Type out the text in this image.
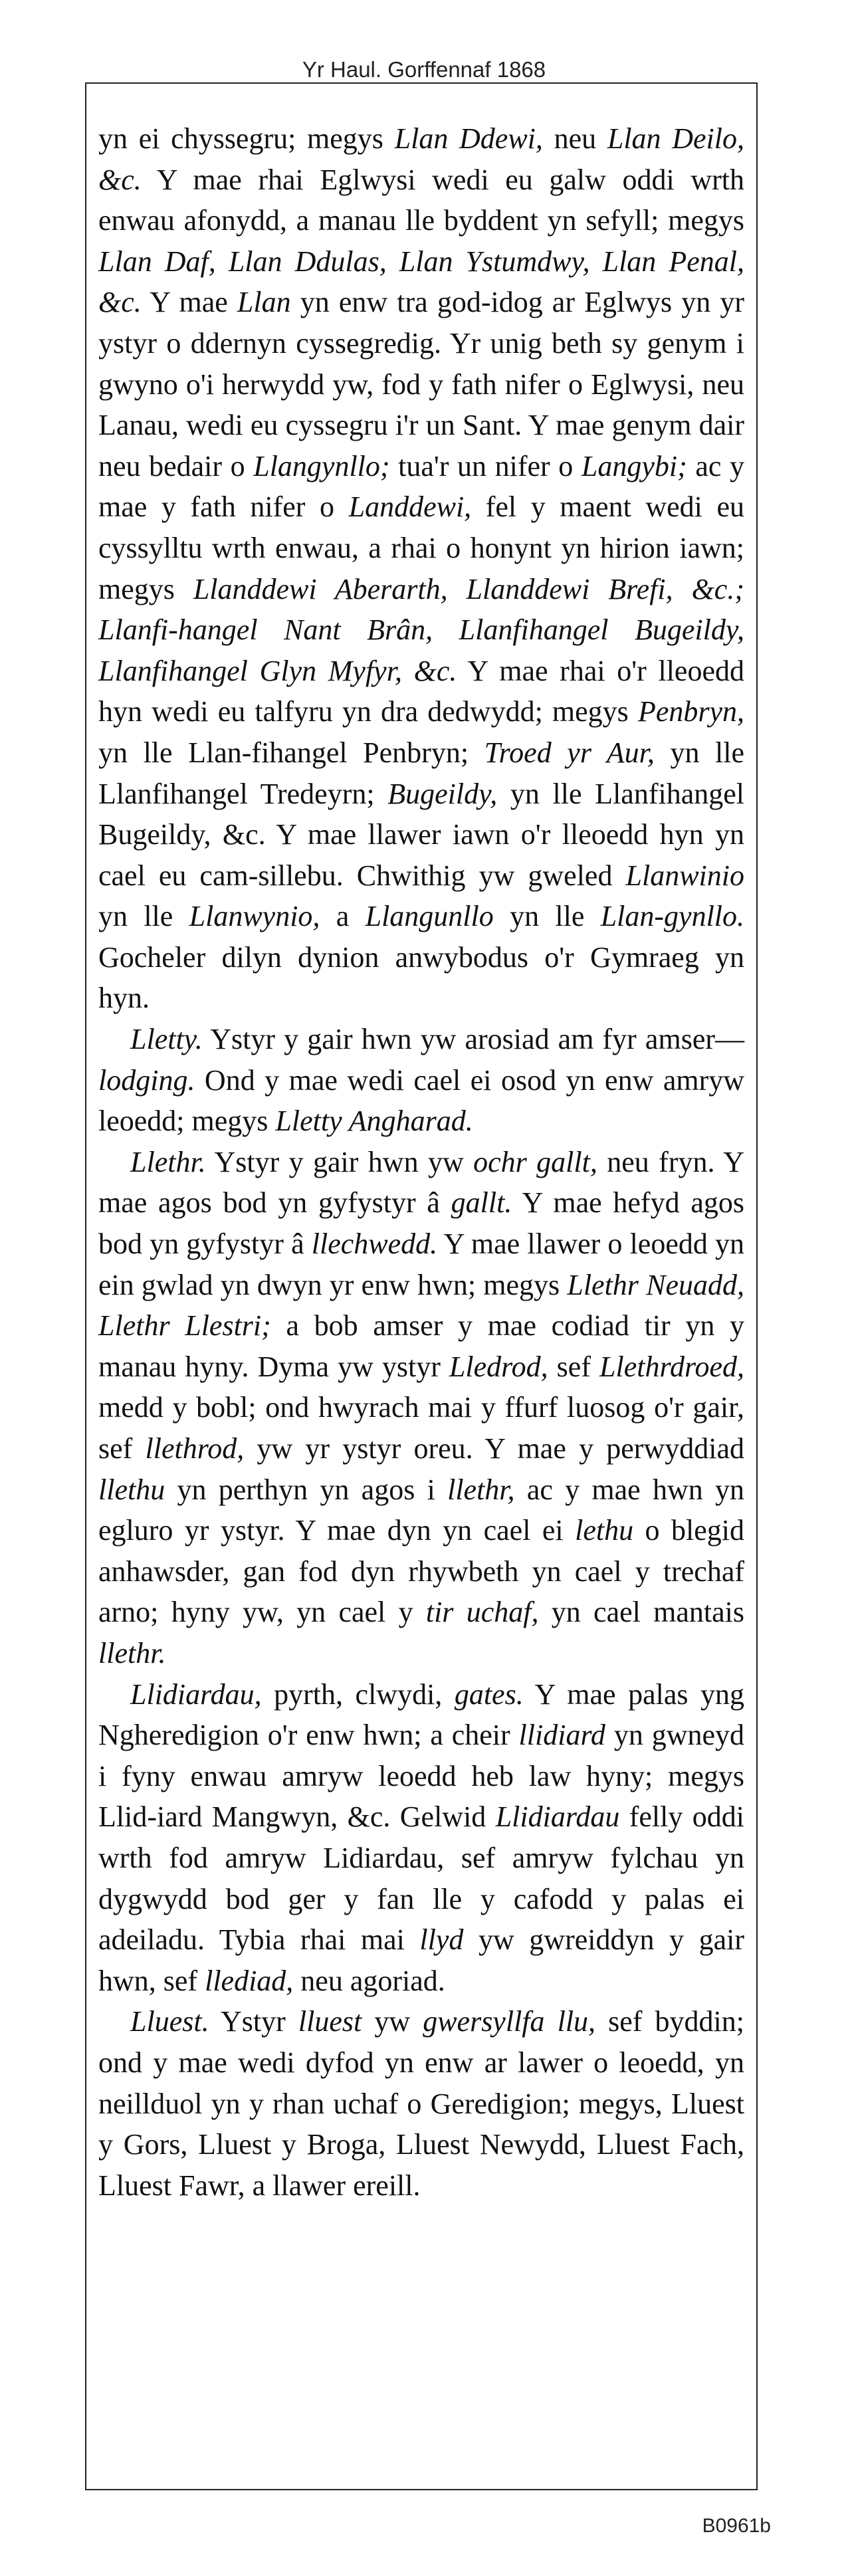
Yr Haul. Gorffennaf 1868

yn ei chyssegru; megys Llan Ddewi, neu Llan Deilo, &c. Y mae rhai Eglwysi wedi eu galw oddi wrth enwau afonydd, a manau lle byddent yn sefyll; megys Llan Daf, Llan Ddulas, Llan Ystumdwy, Llan Penal, &c. Y mae Llan yn enw tra god-idog ar Eglwys yn yr ystyr o ddernyn cyssegredig. Yr unig beth sy genym i gwyno o'i herwydd yw, fod y fath nifer o Eglwysi, neu Lanau, wedi eu cyssegru i'r un Sant. Y mae genym dair neu bedair o Llangynllo; tua'r un nifer o Langybi; ac y mae y fath nifer o Landdewi, fel y maent wedi eu cyssylltu wrth enwau, a rhai o honynt yn hirion iawn; megys Llanddewi Aberarth, Llanddewi Brefi, &c.; Llanfi-hangel Nant Brân, Llanfihangel Bugeildy, Llanfihangel Glyn Myfyr, &c. Y mae rhai o'r lleoedd hyn wedi eu talfyru yn dra dedwydd; megys Penbryn, yn lle Llan-fihangel Penbryn; Troed yr Aur, yn lle Llanfihangel Tredeyrn; Bugeildy, yn lle Llanfihangel Bugeildy, &c. Y mae llawer iawn o'r lleoedd hyn yn cael eu cam-sillebu. Chwithig yw gweled Llanwinio yn lle Llanwynio, a Llangunllo yn lle Llan-gynllo. Gocheler dilyn dynion anwybodus o'r Gymraeg yn hyn.

Lletty. Ystyr y gair hwn yw arosiad am fyr amser—lodging. Ond y mae wedi cael ei osod yn enw amryw leoedd; megys Lletty Angharad.

Llethr. Ystyr y gair hwn yw ochr gallt, neu fryn. Y mae agos bod yn gyfystyr â gallt. Y mae hefyd agos bod yn gyfystyr â llechwedd. Y mae llawer o leoedd yn ein gwlad yn dwyn yr enw hwn; megys Llethr Neuadd, Llethr Llestri; a bob amser y mae codiad tir yn y manau hyny. Dyma yw ystyr Lledrod, sef Llethrdroed, medd y bobl; ond hwyrach mai y ffurf luosog o'r gair, sef llethrod, yw yr ystyr oreu. Y mae y perwyddiad llethu yn perthyn yn agos i llethr, ac y mae hwn yn egluro yr ystyr. Y mae dyn yn cael ei lethu o blegid anhawsder, gan fod dyn rhywbeth yn cael y trechaf arno; hyny yw, yn cael y tir uchaf, yn cael mantais llethr.

Llidiardau, pyrth, clwydi, gates. Y mae palas yng Ngheredigion o'r enw hwn; a cheir llidiard yn gwneyd i fyny enwau amryw leoedd heb law hyny; megys Llid-iard Mangwyn, &c. Gelwid Llidiardau felly oddi wrth fod amryw Lidiardau, sef amryw fylchau yn dygwydd bod ger y fan lle y cafodd y palas ei adeiladu. Tybia rhai mai llyd yw gwreiddyn y gair hwn, sef llediad, neu agoriad.

Lluest. Ystyr lluest yw gwersyllfa llu, sef byddin; ond y mae wedi dyfod yn enw ar lawer o leoedd, yn neillduol yn y rhan uchaf o Geredigion; megys, Lluest y Gors, Lluest y Broga, Lluest Newydd, Lluest Fach, Lluest Fawr, a llawer ereill.

B0961b
